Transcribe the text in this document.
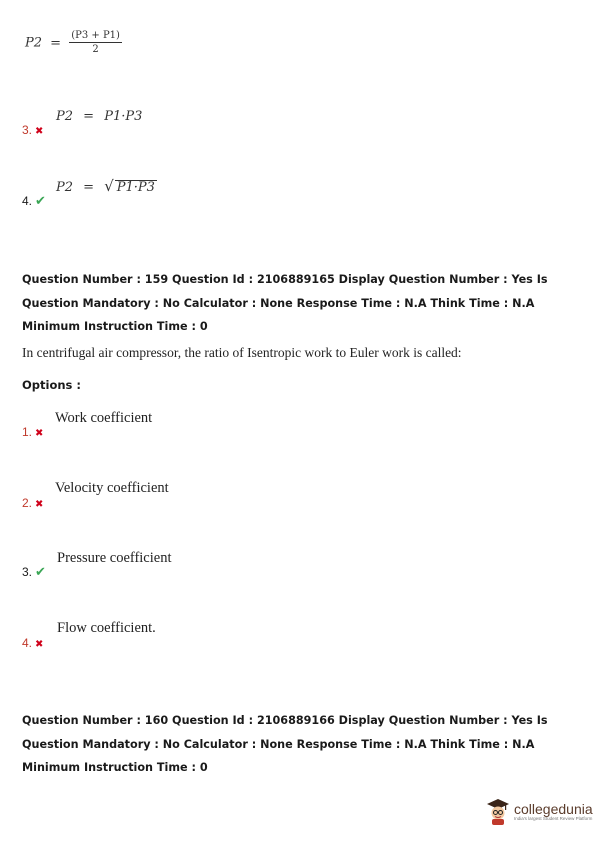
$P2 = \frac{(P3 + P1)}{2}$
3. ✖
P2 = P1·P3
4. ✔
P2 = √ P1·P3
Question Number : 159 Question Id : 2106889165 Display Question Number : Yes Is Question Mandatory : No Calculator : None Response Time : N.A Think Time : N.A Minimum Instruction Time : 0
In centrifugal air compressor, the ratio of Isentropic work to Euler work is called:
Options :
1. ✖
Work coefficient
2. ✖
Velocity coefficient
3. ✔
Pressure coefficient
4. ✖
Flow coefficient.
Question Number : 160 Question Id : 2106889166 Display Question Number : Yes Is Question Mandatory : No Calculator : None Response Time : N.A Think Time : N.A Minimum Instruction Time : 0
collegedunia
India's largest Student Review Platform
